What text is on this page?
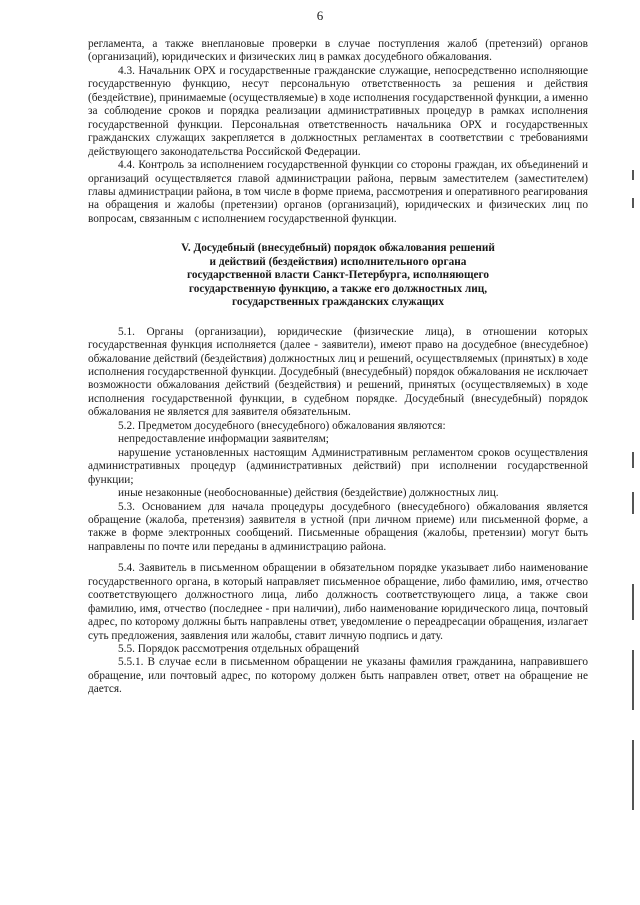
6

регламента, а также внеплановые проверки в случае поступления жалоб (претензий) органов (организаций), юридических и физических лиц в рамках досудебного обжалования.

4.3. Начальник ОРХ и государственные гражданские служащие, непосредственно исполняющие государственную функцию, несут персональную ответственность за решения и действия (бездействие), принимаемые (осуществляемые) в ходе исполнения государственной функции, а именно за соблюдение сроков и порядка реализации административных процедур в рамках исполнения государственной функции. Персональная ответственность начальника ОРХ и государственных гражданских служащих закрепляется в должностных регламентах в соответствии с требованиями действующего законодательства Российской Федерации.

4.4. Контроль за исполнением государственной функции со стороны граждан, их объединений и организаций осуществляется главой администрации района, первым заместителем (заместителем) главы администрации района, в том числе в форме приема, рассмотрения и оперативного реагирования на обращения и жалобы (претензии) органов (организаций), юридических и физических лиц по вопросам, связанным с исполнением государственной функции.

V. Досудебный (внесудебный) порядок обжалования решений
и действий (бездействия) исполнительного органа
государственной власти Санкт-Петербурга, исполняющего
государственную функцию, а также его должностных лиц,
государственных гражданских служащих

5.1. Органы (организации), юридические (физические лица), в отношении которых государственная функция исполняется (далее - заявители), имеют право на досудебное (внесудебное) обжалование действий (бездействия) должностных лиц и решений, осуществляемых (принятых) в ходе исполнения государственной функции. Досудебный (внесудебный) порядок обжалования не исключает возможности обжалования действий (бездействия) и решений, принятых (осуществляемых) в ходе исполнения государственной функции, в судебном порядке. Досудебный (внесудебный) порядок обжалования не является для заявителя обязательным.

5.2. Предметом досудебного (внесудебного) обжалования являются:

непредоставление информации заявителям;

нарушение установленных настоящим Административным регламентом сроков осуществления административных процедур (административных действий) при исполнении государственной функции;

иные незаконные (необоснованные) действия (бездействие) должностных лиц.

5.3. Основанием для начала процедуры досудебного (внесудебного) обжалования является обращение (жалоба, претензия) заявителя в устной (при личном приеме) или письменной форме, а также в форме электронных сообщений. Письменные обращения (жалобы, претензии) могут быть направлены по почте или переданы в администрацию района.

5.4. Заявитель в письменном обращении в обязательном порядке указывает либо наименование государственного органа, в который направляет письменное обращение, либо фамилию, имя, отчество соответствующего должностного лица, либо должность соответствующего лица, а также свои фамилию, имя, отчество (последнее - при наличии), либо наименование юридического лица, почтовый адрес, по которому должны быть направлены ответ, уведомление о переадресации обращения, излагает суть предложения, заявления или жалобы, ставит личную подпись и дату.

5.5. Порядок рассмотрения отдельных обращений

5.5.1. В случае если в письменном обращении не указаны фамилия гражданина, направившего обращение, или почтовый адрес, по которому должен быть направлен ответ, ответ на обращение не дается.
